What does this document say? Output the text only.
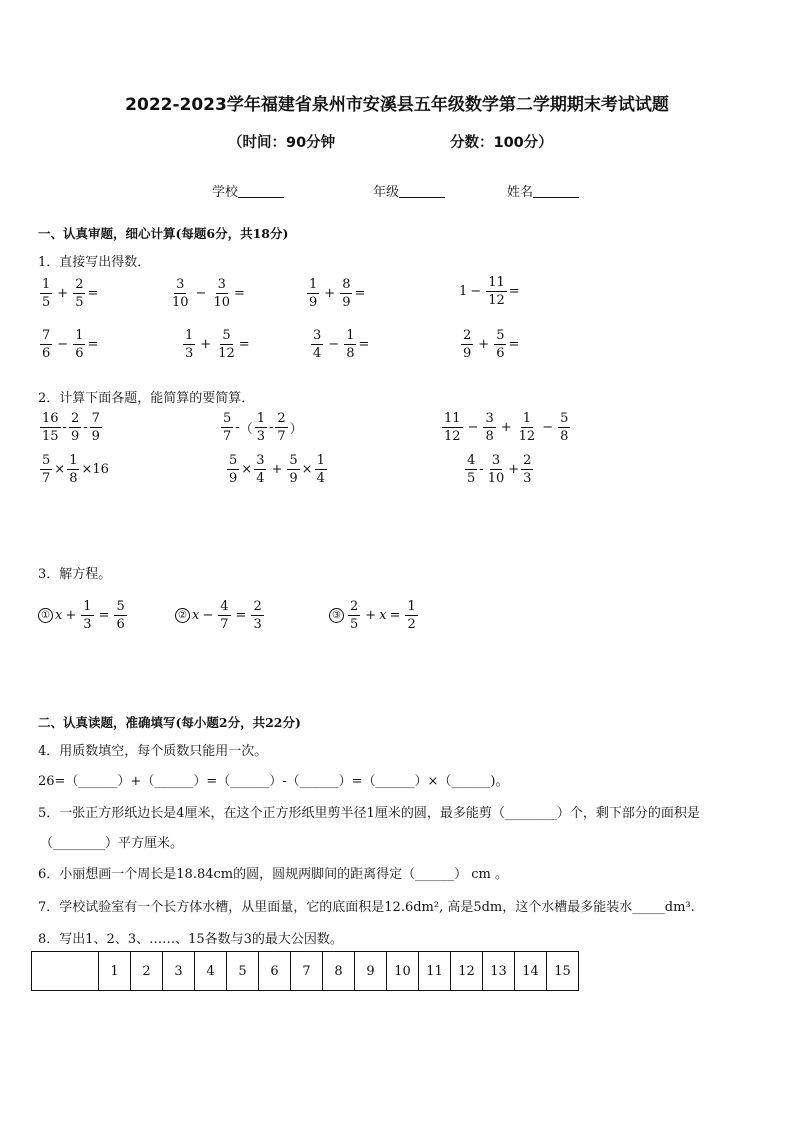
2022-2023学年福建省泉州市安溪县五年级数学第二学期期末考试试题
（时间：90分钟	分数：100分）
学校	年级	姓名
一、认真审题，细心计算(每题6分，共18分)
1．直接写出得数．
$\frac{1}{5} + \frac{2}{5}$ =	$\frac{3}{10} - \frac{3}{10}$ =	$\frac{1}{9} + \frac{8}{9}$ =	$1 - \frac{11}{12}$ =
$\frac{7}{6} - \frac{1}{6}$ =	$\frac{1}{3} + \frac{5}{12}$ =	$\frac{3}{4} - \frac{1}{8}$ =	$\frac{2}{9} + \frac{5}{6}$ =
2．计算下面各题，能简算的要简算．
$\frac{16}{15} - \frac{2}{9} - \frac{7}{9}$	$\frac{5}{7}$ - （ $\frac{1}{3} - \frac{2}{7}$ ）	$\frac{11}{12} - \frac{3}{8} + \frac{1}{12} - \frac{5}{8}$
$\frac{5}{7} \times \frac{1}{8} \times 16$	$\frac{5}{9} \times \frac{3}{4} + \frac{5}{9} \times \frac{1}{4}$	$\frac{4}{5} - \frac{3}{10} + \frac{2}{3}$
3．解方程。
① $x + \frac{1}{3} = \frac{5}{6}$	② $x - \frac{4}{7} = \frac{2}{3}$	③ $\frac{2}{5} + x = \frac{1}{2}$
二、认真读题，准确填写(每小题2分，共22分)
4．用质数填空，每个质数只能用一次。
26=（______）+（______）=（______）-（______）=（______）×（______)。
5．一张正方形纸边长是4厘米，在这个正方形纸里剪半径1厘米的圆，最多能剪（________）个，剩下部分的面积是
（________）平方厘米。
6．小丽想画一个周长是18.84cm的圆，圆规两脚间的距离得定（______） cm 。
7．学校试验室有一个长方体水槽，从里面量，它的底面积是12.6dm², 高是5dm，这个水槽最多能装水_____dm³.
8．写出1、2、3、……、15各数与3的最大公因数。
	1	2	3	4	5	6	7	8	9	10	11	12	13	14	15
